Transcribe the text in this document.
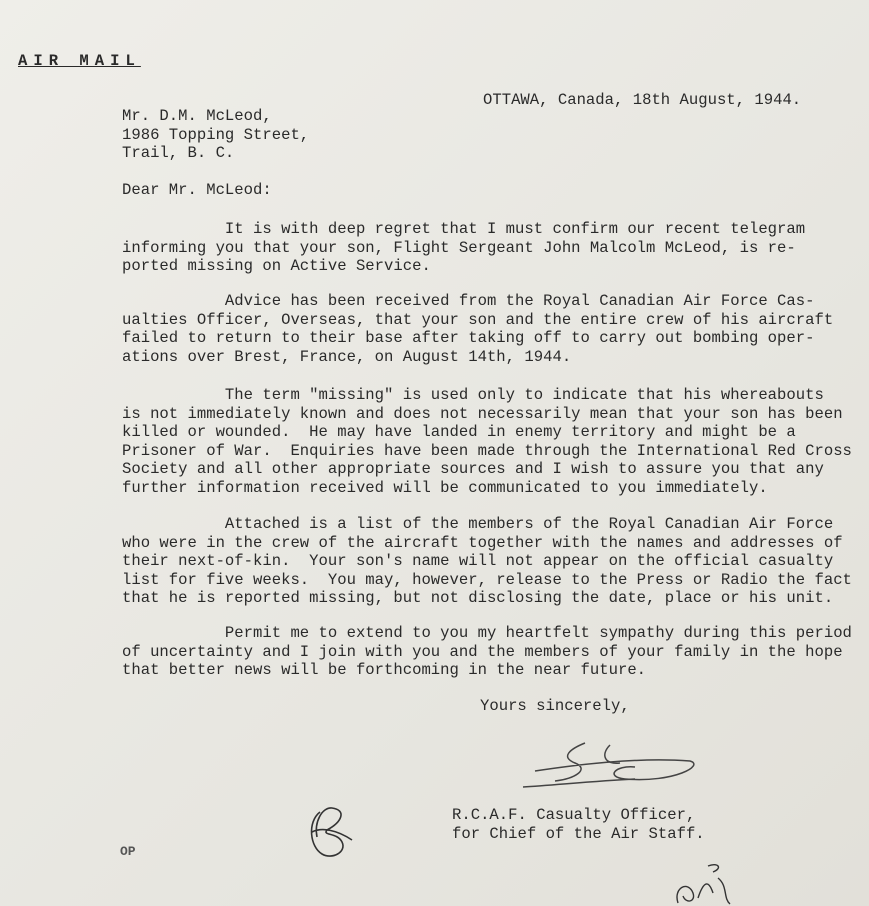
AIR MAIL
OTTAWA, Canada, 18th August, 1944.
Mr. D.M. McLeod,
1986 Topping Street,
Trail, B. C.
Dear Mr. McLeod:
It is with deep regret that I must confirm our recent telegram
informing you that your son, Flight Sergeant John Malcolm McLeod, is re-
ported missing on Active Service.
Advice has been received from the Royal Canadian Air Force Cas-
ualties Officer, Overseas, that your son and the entire crew of his aircraft
failed to return to their base after taking off to carry out bombing oper-
ations over Brest, France, on August 14th, 1944.
The term "missing" is used only to indicate that his whereabouts
is not immediately known and does not necessarily mean that your son has been
killed or wounded.  He may have landed in enemy territory and might be a
Prisoner of War.  Enquiries have been made through the International Red Cross
Society and all other appropriate sources and I wish to assure you that any
further information received will be communicated to you immediately.
Attached is a list of the members of the Royal Canadian Air Force
who were in the crew of the aircraft together with the names and addresses of
their next-of-kin.  Your son's name will not appear on the official casualty
list for five weeks.  You may, however, release to the Press or Radio the fact
that he is reported missing, but not disclosing the date, place or his unit.
Permit me to extend to you my heartfelt sympathy during this period
of uncertainty and I join with you and the members of your family in the hope
that better news will be forthcoming in the near future.
Yours sincerely,
R.C.A.F. Casualty Officer,
for Chief of the Air Staff.
OP
